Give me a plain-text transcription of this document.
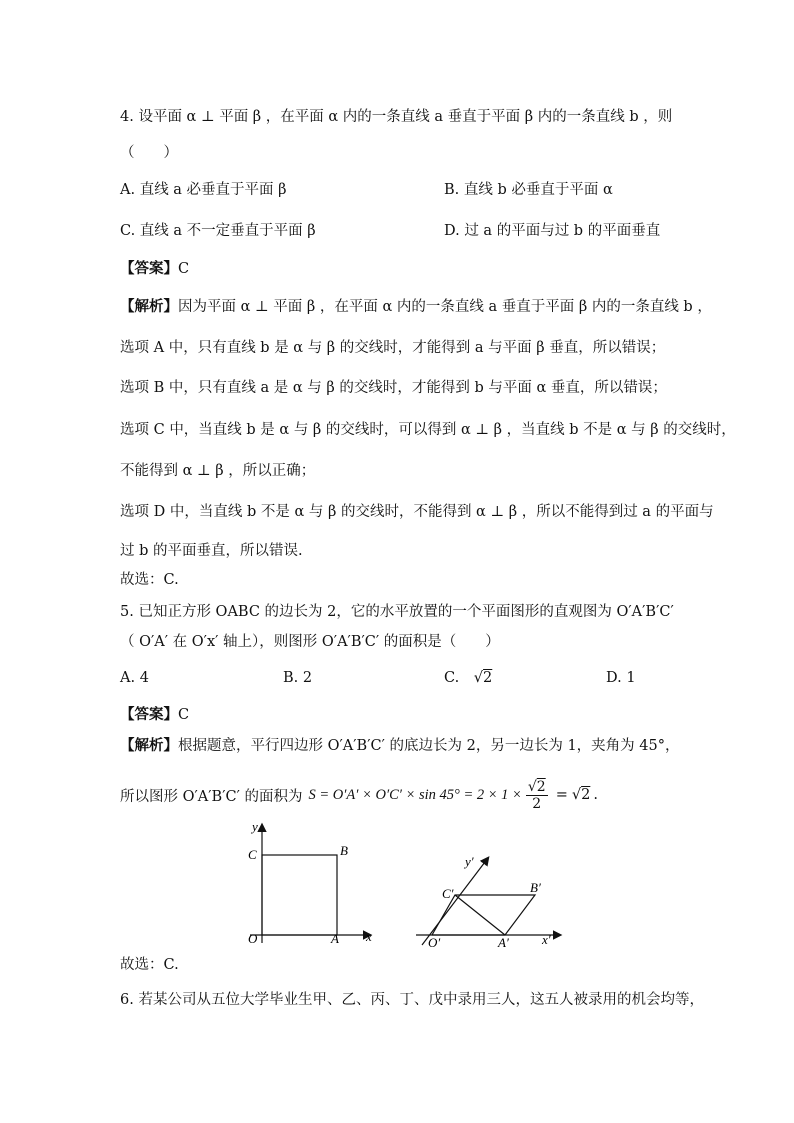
4. 设平面 α ⊥ 平面 β ，在平面 α 内的一条直线 a 垂直于平面 β 内的一条直线 b ，则
（　　）
A. 直线 a 必垂直于平面 β	B. 直线 b 必垂直于平面 α
C. 直线 a 不一定垂直于平面 β	D. 过 a 的平面与过 b 的平面垂直
【答案】C
【解析】因为平面 α ⊥ 平面 β ，在平面 α 内的一条直线 a 垂直于平面 β 内的一条直线 b ，
选项 A 中，只有直线 b 是 α 与 β 的交线时，才能得到 a 与平面 β 垂直，所以错误；
选项 B 中，只有直线 a 是 α 与 β 的交线时，才能得到 b 与平面 α 垂直，所以错误；
选项 C 中，当直线 b 是 α 与 β 的交线时，可以得到 α ⊥ β ，当直线 b 不是 α 与 β 的交线时，
不能得到 α ⊥ β ，所以正确；
选项 D 中，当直线 b 不是 α 与 β 的交线时，不能得到 α ⊥ β ，所以不能得到过 a 的平面与
过 b 的平面垂直，所以错误.
故选：C.
5. 已知正方形 OABC 的边长为 2，它的水平放置的一个平面图形的直观图为 O′A′B′C′
（ O′A′ 在 O′x′ 轴上），则图形 O′A′B′C′ 的面积是（　　）
A. 4	B. 2	C. √2	D. 1
【答案】C
【解析】根据题意，平行四边形 O′A′B′C′ 的底边长为 2，另一边长为 1，夹角为 45°，
所以图形 O′A′B′C′ 的面积为 $S = O'A' \times O'C' \times \sin 45^\circ = 2 \times 1 \times \frac{√2}{2} = √2$ .
y
x
C	B
O	A
y′
x′
C′	B′
O′	A′
故选：C.
6. 若某公司从五位大学毕业生甲、乙、丙、丁、戊中录用三人，这五人被录用的机会均等，
